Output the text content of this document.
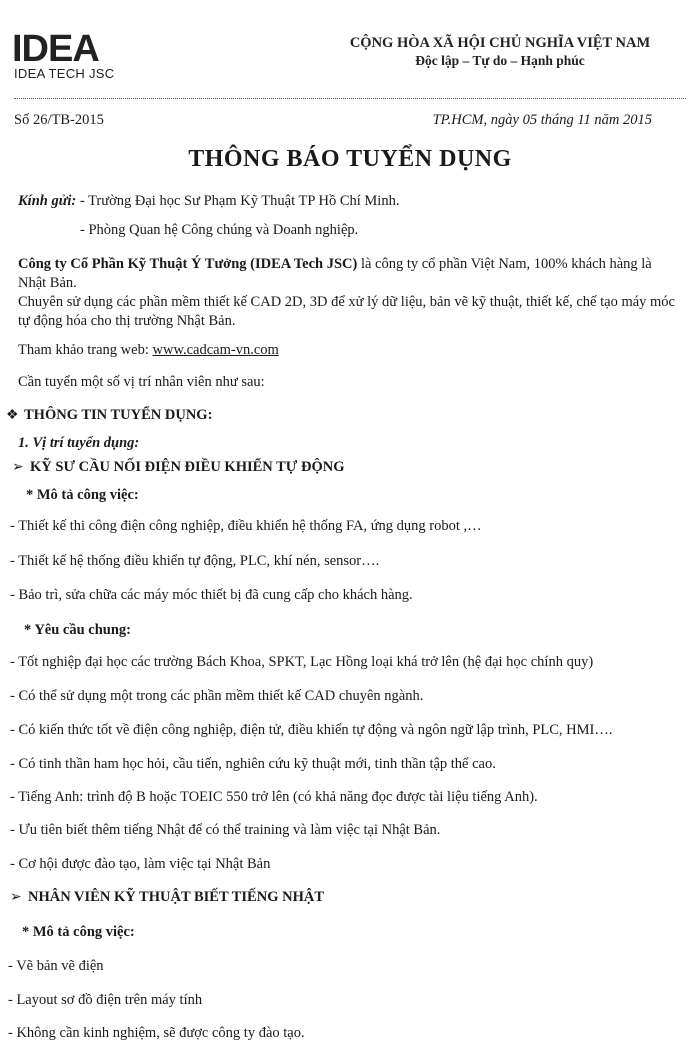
IDEA
IDEA TECH JSC
CỘNG HÒA XÃ HỘI CHỦ NGHĨA VIỆT NAM
Độc lập – Tự do – Hạnh phúc
Số 26/TB-2015	TP.HCM, ngày 05 tháng 11 năm 2015
THÔNG BÁO TUYỂN DỤNG
Kính gửi: - Trường Đại học Sư Phạm Kỹ Thuật TP Hồ Chí Minh.
- Phòng Quan hệ Công chúng và Doanh nghiệp.
Công ty Cổ Phần Kỹ Thuật Ý Tưởng (IDEA Tech JSC) là công ty cổ phần Việt Nam, 100% khách hàng là
Nhật Bản.
Chuyên sử dụng các phần mềm thiết kế CAD 2D, 3D để xử lý dữ liệu, bản vẽ kỹ thuật, thiết kế, chế tạo máy móc
tự động hóa cho thị trường Nhật Bản.
Tham khảo trang web: www.cadcam-vn.com
Cần tuyển một số vị trí nhân viên như sau:
❖ THÔNG TIN TUYỂN DỤNG:
1. Vị trí tuyển dụng:
➢ KỸ SƯ CẦU NỐI ĐIỆN ĐIỀU KHIỂN TỰ ĐỘNG
* Mô tả công việc:
- Thiết kế thi công điện công nghiệp, điều khiển hệ thống FA, ứng dụng robot ,…
- Thiết kế hệ thống điều khiển tự động, PLC, khí nén, sensor….
- Bảo trì, sửa chữa các máy móc thiết bị đã cung cấp cho khách hàng.
* Yêu cầu chung:
- Tốt nghiệp đại học các trường Bách Khoa, SPKT, Lạc Hồng loại khá trở lên (hệ đại học chính quy)
- Có thể sử dụng một trong các phần mềm thiết kế CAD chuyên ngành.
- Có kiến thức tốt về điện công nghiệp, điện tử, điều khiển tự động và ngôn ngữ lập trình, PLC, HMI….
- Có tinh thần ham học hỏi, cầu tiến, nghiên cứu kỹ thuật mới, tinh thần tập thể cao.
- Tiếng Anh: trình độ B hoặc TOEIC 550 trở lên (có khả năng đọc được tài liệu tiếng Anh).
- Ưu tiên biết thêm tiếng Nhật để có thể training và làm việc tại Nhật Bản.
- Cơ hội được đào tạo, làm việc tại Nhật Bản
➢ NHÂN VIÊN KỸ THUẬT BIẾT TIẾNG NHẬT
* Mô tả công việc:
- Vẽ bản vẽ điện
- Layout sơ đồ điện trên máy tính
- Không cần kinh nghiệm, sẽ được công ty đào tạo.
